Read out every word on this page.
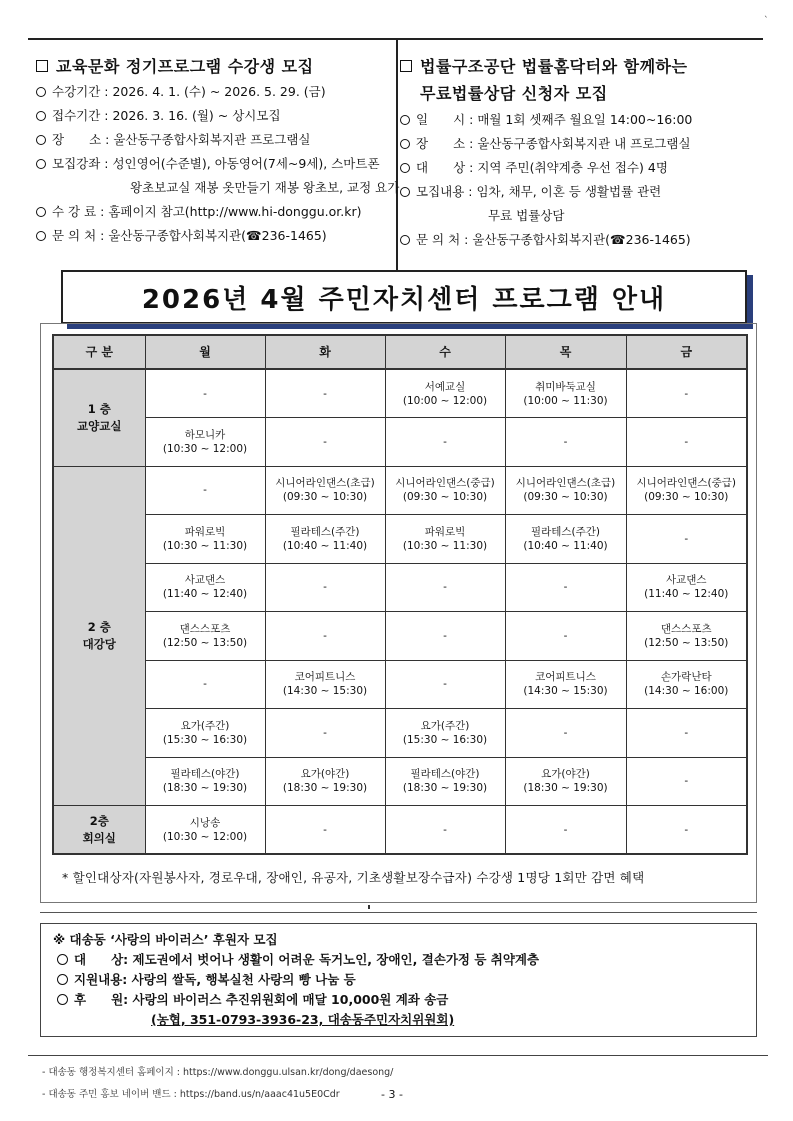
`
교육문화 정기프로그램 수강생 모집
수강기간 : 2026. 4. 1. (수) ~ 2026. 5. 29. (금)
접수기간 : 2026. 3. 16. (월) ~ 상시모집
장　　소 : 울산동구종합사회복지관 프로그램실
모집강좌 : 성인영어(수준별), 아동영어(7세~9세), 스마트폰
왕초보교실 재봉 옷만들기 재봉 왕초보, 교정 요가
수 강 료 : 홈페이지 참고(http://www.hi-donggu.or.kr)
문 의 처 : 울산동구종합사회복지관(☎236-1465)
법률구조공단 법률홈닥터와 함께하는
무료법률상담 신청자 모집
일　　시 : 매월 1회 셋째주 월요일 14:00~16:00
장　　소 : 울산동구종합사회복지관 내 프로그램실
대　　상 : 지역 주민(취약계층 우선 접수) 4명
모집내용 : 임차, 채무, 이혼 등 생활법률 관련
무료 법률상담
문 의 처 : 울산동구종합사회복지관(☎236-1465)
2026년 4월 주민자치센터 프로그램 안내
구 분	월	화	수	목	금

1 층
교양교실	-	-	서예교실
(10:00 ~ 12:00)	취미바둑교실
(10:00 ~ 11:30)	-

	하모니카
(10:30 ~ 12:00)	-	-	-	-

2 층
대강당	-	시니어라인댄스(초급)
(09:30 ~ 10:30)	시니어라인댄스(중급)
(09:30 ~ 10:30)	시니어라인댄스(초급)
(09:30 ~ 10:30)	시니어라인댄스(중급)
(09:30 ~ 10:30)

	파워로빅
(10:30 ~ 11:30)	필라테스(주간)
(10:40 ~ 11:40)	파워로빅
(10:30 ~ 11:30)	필라테스(주간)
(10:40 ~ 11:40)	-

	사교댄스
(11:40 ~ 12:40)	-	-	-	사교댄스
(11:40 ~ 12:40)

	댄스스포츠
(12:50 ~ 13:50)	-	-	-	댄스스포츠
(12:50 ~ 13:50)

	-	코어피트니스
(14:30 ~ 15:30)	-	코어피트니스
(14:30 ~ 15:30)	손가락난타
(14:30 ~ 16:00)

	요가(주간)
(15:30 ~ 16:30)	-	요가(주간)
(15:30 ~ 16:30)	-	-

	필라테스(야간)
(18:30 ~ 19:30)	요가(야간)
(18:30 ~ 19:30)	필라테스(야간)
(18:30 ~ 19:30)	요가(야간)
(18:30 ~ 19:30)	-

2층
회의실	시낭송
(10:30 ~ 12:00)	-	-	-	-
* 할인대상자(자원봉사자, 경로우대, 장애인, 유공자, 기초생활보장수급자) 수강생 1명당 1회만 감면 혜택
※ 대송동 ‘사랑의 바이러스’ 후원자 모집
대　　상: 제도권에서 벗어나 생활이 어려운 독거노인, 장애인, 결손가정 등 취약계층
지원내용: 사랑의 쌀독, 행복실천 사랑의 빵 나눔 등
후　　원: 사랑의 바이러스 추진위원회에 매달 10,000원 계좌 송금
(농협, 351-0793-3936-23, 대송동주민자치위원회)
- 대송동 행정복지센터 홈페이지 : https://www.donggu.ulsan.kr/dong/daesong/
- 대송동 주민 홍보 네이버 밴드 : https://band.us/n/aaac41u5E0Cdr	- 3 -
